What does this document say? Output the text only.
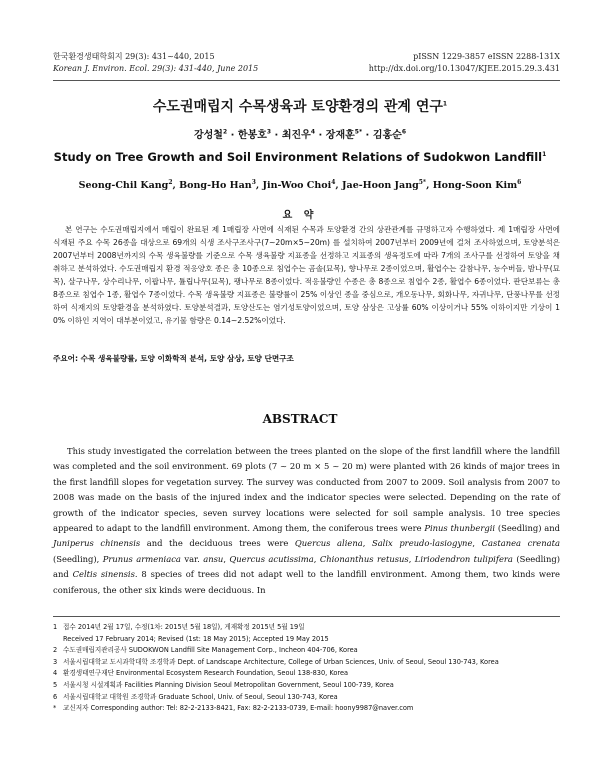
한국환경생태학회지 29(3): 431~440, 2015
Korean J. Environ. Ecol. 29(3): 431-440, June 2015
pISSN 1229-3857 eISSN 2288-131X
http://dx.doi.org/10.13047/KJEE.2015.29.3.431
수도권매립지 수목생육과 토양환경의 관계 연구$^1$
강성철$^2$ · 한봉호$^3$ · 최진우$^4$ · 장재훈$^{5*}$ · 김홍순$^6$
Study on Tree Growth and Soil Environment Relations of Sudokwon Landfill$^1$
Seong-Chil Kang$^2$, Bong-Ho Han$^3$, Jin-Woo Choi$^4$, Jae-Hoon Jang$^{5*}$, Hong-Soon Kim$^6$
요 약

본 연구는 수도권매립지에서 매립이 완료된 제 1매립장 사면에 식재된 수목과 토양환경 간의 상관관계를 규명하고자 수행하였다. 제 1매립장 사면에 식재된 주요 수목 26종을 대상으로 69개의 식생 조사구조사구(7~20m×5~20m) 를 설치하여 2007년부터 2009년에 걸쳐 조사하였으며, 토양분석은 2007년부터 2008년까지의 수목 생육불량를 기준으로 수목 생육불량 지표종을 선정하고 지표종의 생육정도에 따라 7개의 조사구를 선정하여 토양을 채취하고 분석하였다. 수도권매립지 환경 적응양호 종은 총 10종으로 침엽수는 곰솔(묘목), 향나무로 2종이었으며, 활엽수는 갈참나무, 능수버들, 밤나무(묘목), 살구나무, 상수리나무, 이팝나무, 튤립나무(묘목), 팽나무로 8종이었다. 적응불량인 수종은 총 8종으로 침엽수 2종, 활엽수 6종이었다. 판단보류는 총 8종으로 침엽수 1종, 활엽수 7종이었다. 수목 생육불량 지표종은 불량률이 25% 이상인 종을 중심으로, 개오동나무, 회화나무, 자귀나무, 단풍나무를 선정하여 식재지의 토양환경을 분석하였다. 토양분석결과, 토양산도는 염기성토양이었으며, 토양 삼상은 고상률 60% 이상이거나 55% 이하이지만 기상이 10% 이하인 지역이 대부분이었고, 유기물 함량은 0.14~2.52%이었다.

주요어: 수목 생육불량률, 토양 이화학적 분석, 토양 삼상, 토양 단면구조
ABSTRACT

This study investigated the correlation between the trees planted on the slope of the first landfill where the landfill was completed and the soil environment. 69 plots (7 ~ 20 m × 5 ~ 20 m) were planted with 26 kinds of major trees in the first landfill slopes for vegetation survey. The survey was conducted from 2007 to 2009. Soil analysis from 2007 to 2008 was made on the basis of the injured index and the indicator species were selected. Depending on the rate of growth of the indicator species, seven survey locations were selected for soil sample analysis. 10 tree species appeared to adapt to the landfill environment. Among them, the coniferous trees were Pinus thunbergii (Seedling) and Juniperus chinensis and the deciduous trees were Quercus aliena, Salix preudo-lasiogyne, Castanea crenata (Seedling), Prunus armeniaca var. ansu, Quercus acutissima, Chionanthus retusus, Liriodendron tulipifera (Seedling) and Celtis sinensis. 8 species of trees did not adapt well to the landfill environment. Among them, two kinds were coniferous, the other six kinds were deciduous. In

1 접수 2014년 2월 17일, 수정(1차: 2015년 5월 18일), 게재확정 2015년 5월 19일
Received 17 February 2014; Revised (1st: 18 May 2015); Accepted 19 May 2015
2 수도권매립지관리공사 SUDOKWON Landfill Site Management Corp., Incheon 404-706, Korea
3 서울시립대학교 도시과학대학 조경학과 Dept. of Landscape Architecture, College of Urban Sciences, Univ. of Seoul, Seoul 130-743, Korea
4 환경생태연구재단 Environmental Ecosystem Research Foundation, Seoul 138-830, Korea
5 서울시청 시설계획과 Facilities Planning Division Seoul Metropolitan Government, Seoul 100-739, Korea
6 서울시립대학교 대학원 조경학과 Graduate School, Univ. of Seoul, Seoul 130-743, Korea
* 교신저자 Corresponding author: Tel: 82-2-2133-8421, Fax: 82-2-2133-0739, E-mail: hoony9987@naver.com
